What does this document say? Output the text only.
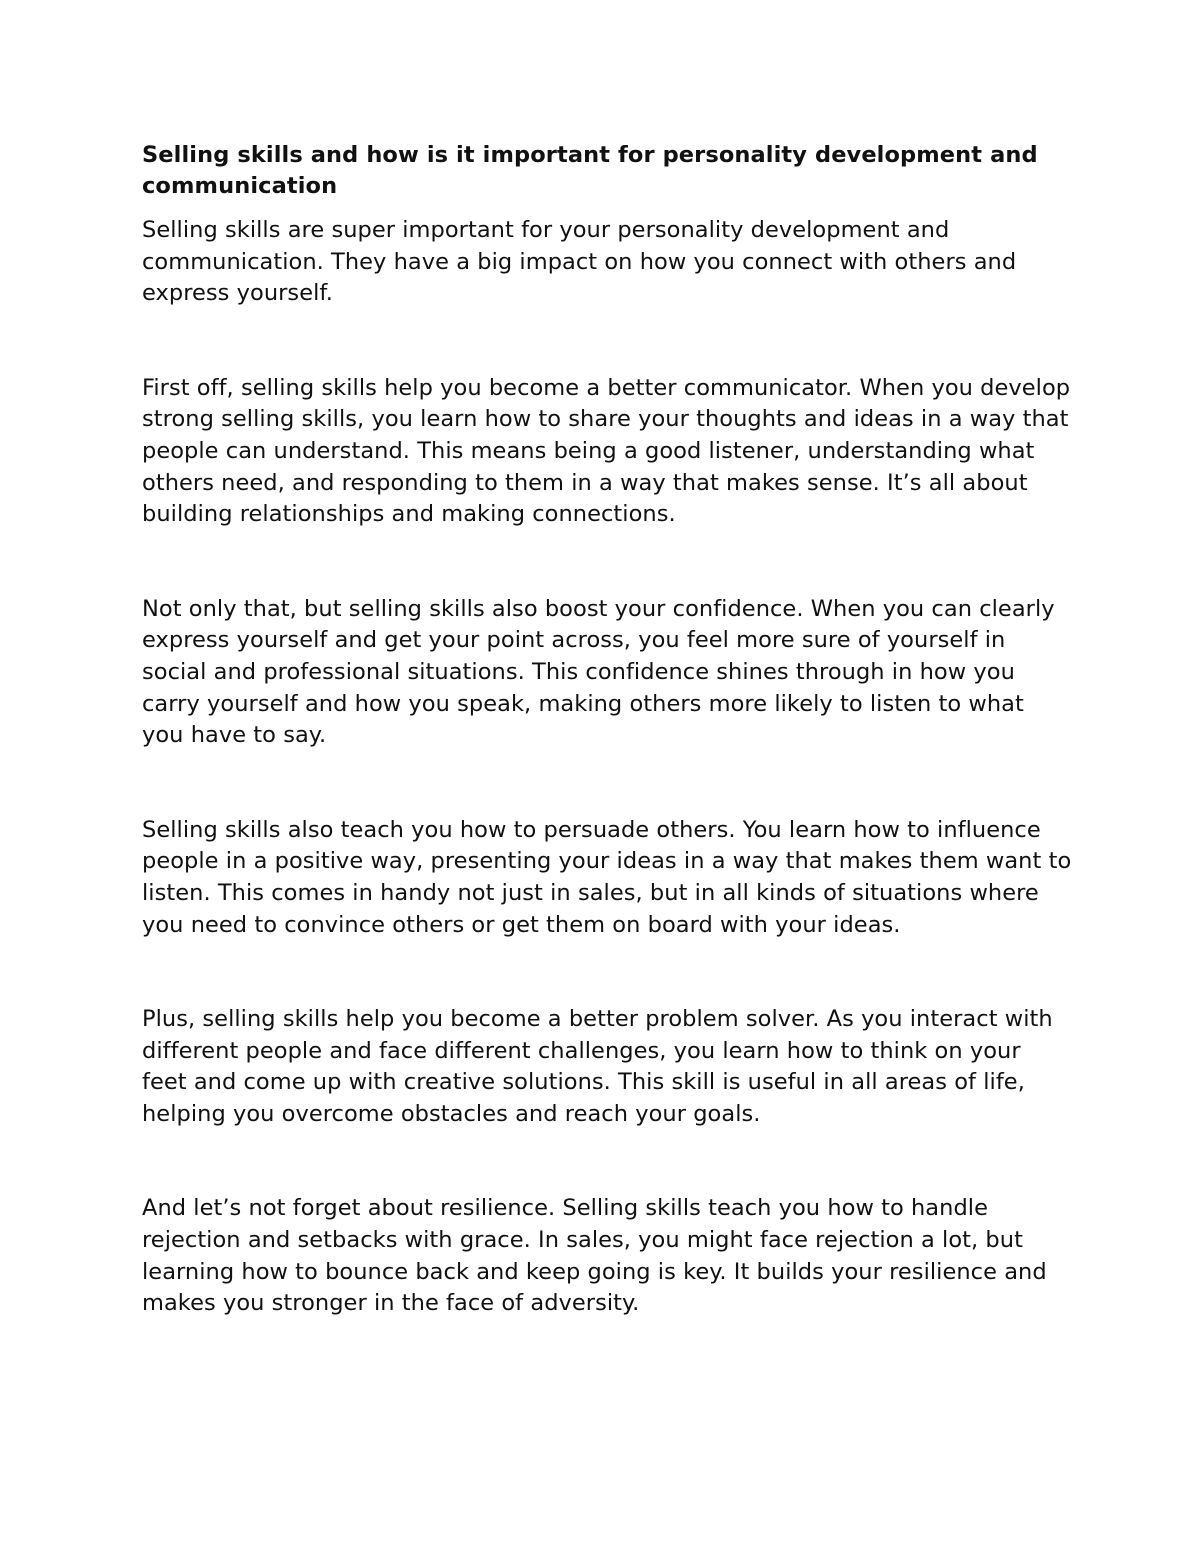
Selling skills and how is it important for personality development and communication

Selling skills are super important for your personality development and communication. They have a big impact on how you connect with others and express yourself.

First off, selling skills help you become a better communicator. When you develop strong selling skills, you learn how to share your thoughts and ideas in a way that people can understand. This means being a good listener, understanding what others need, and responding to them in a way that makes sense. It’s all about building relationships and making connections.

Not only that, but selling skills also boost your confidence. When you can clearly express yourself and get your point across, you feel more sure of yourself in social and professional situations. This confidence shines through in how you carry yourself and how you speak, making others more likely to listen to what you have to say.

Selling skills also teach you how to persuade others. You learn how to influence people in a positive way, presenting your ideas in a way that makes them want to listen. This comes in handy not just in sales, but in all kinds of situations where you need to convince others or get them on board with your ideas.

Plus, selling skills help you become a better problem solver. As you interact with different people and face different challenges, you learn how to think on your feet and come up with creative solutions. This skill is useful in all areas of life, helping you overcome obstacles and reach your goals.

And let’s not forget about resilience. Selling skills teach you how to handle rejection and setbacks with grace. In sales, you might face rejection a lot, but learning how to bounce back and keep going is key. It builds your resilience and makes you stronger in the face of adversity.
